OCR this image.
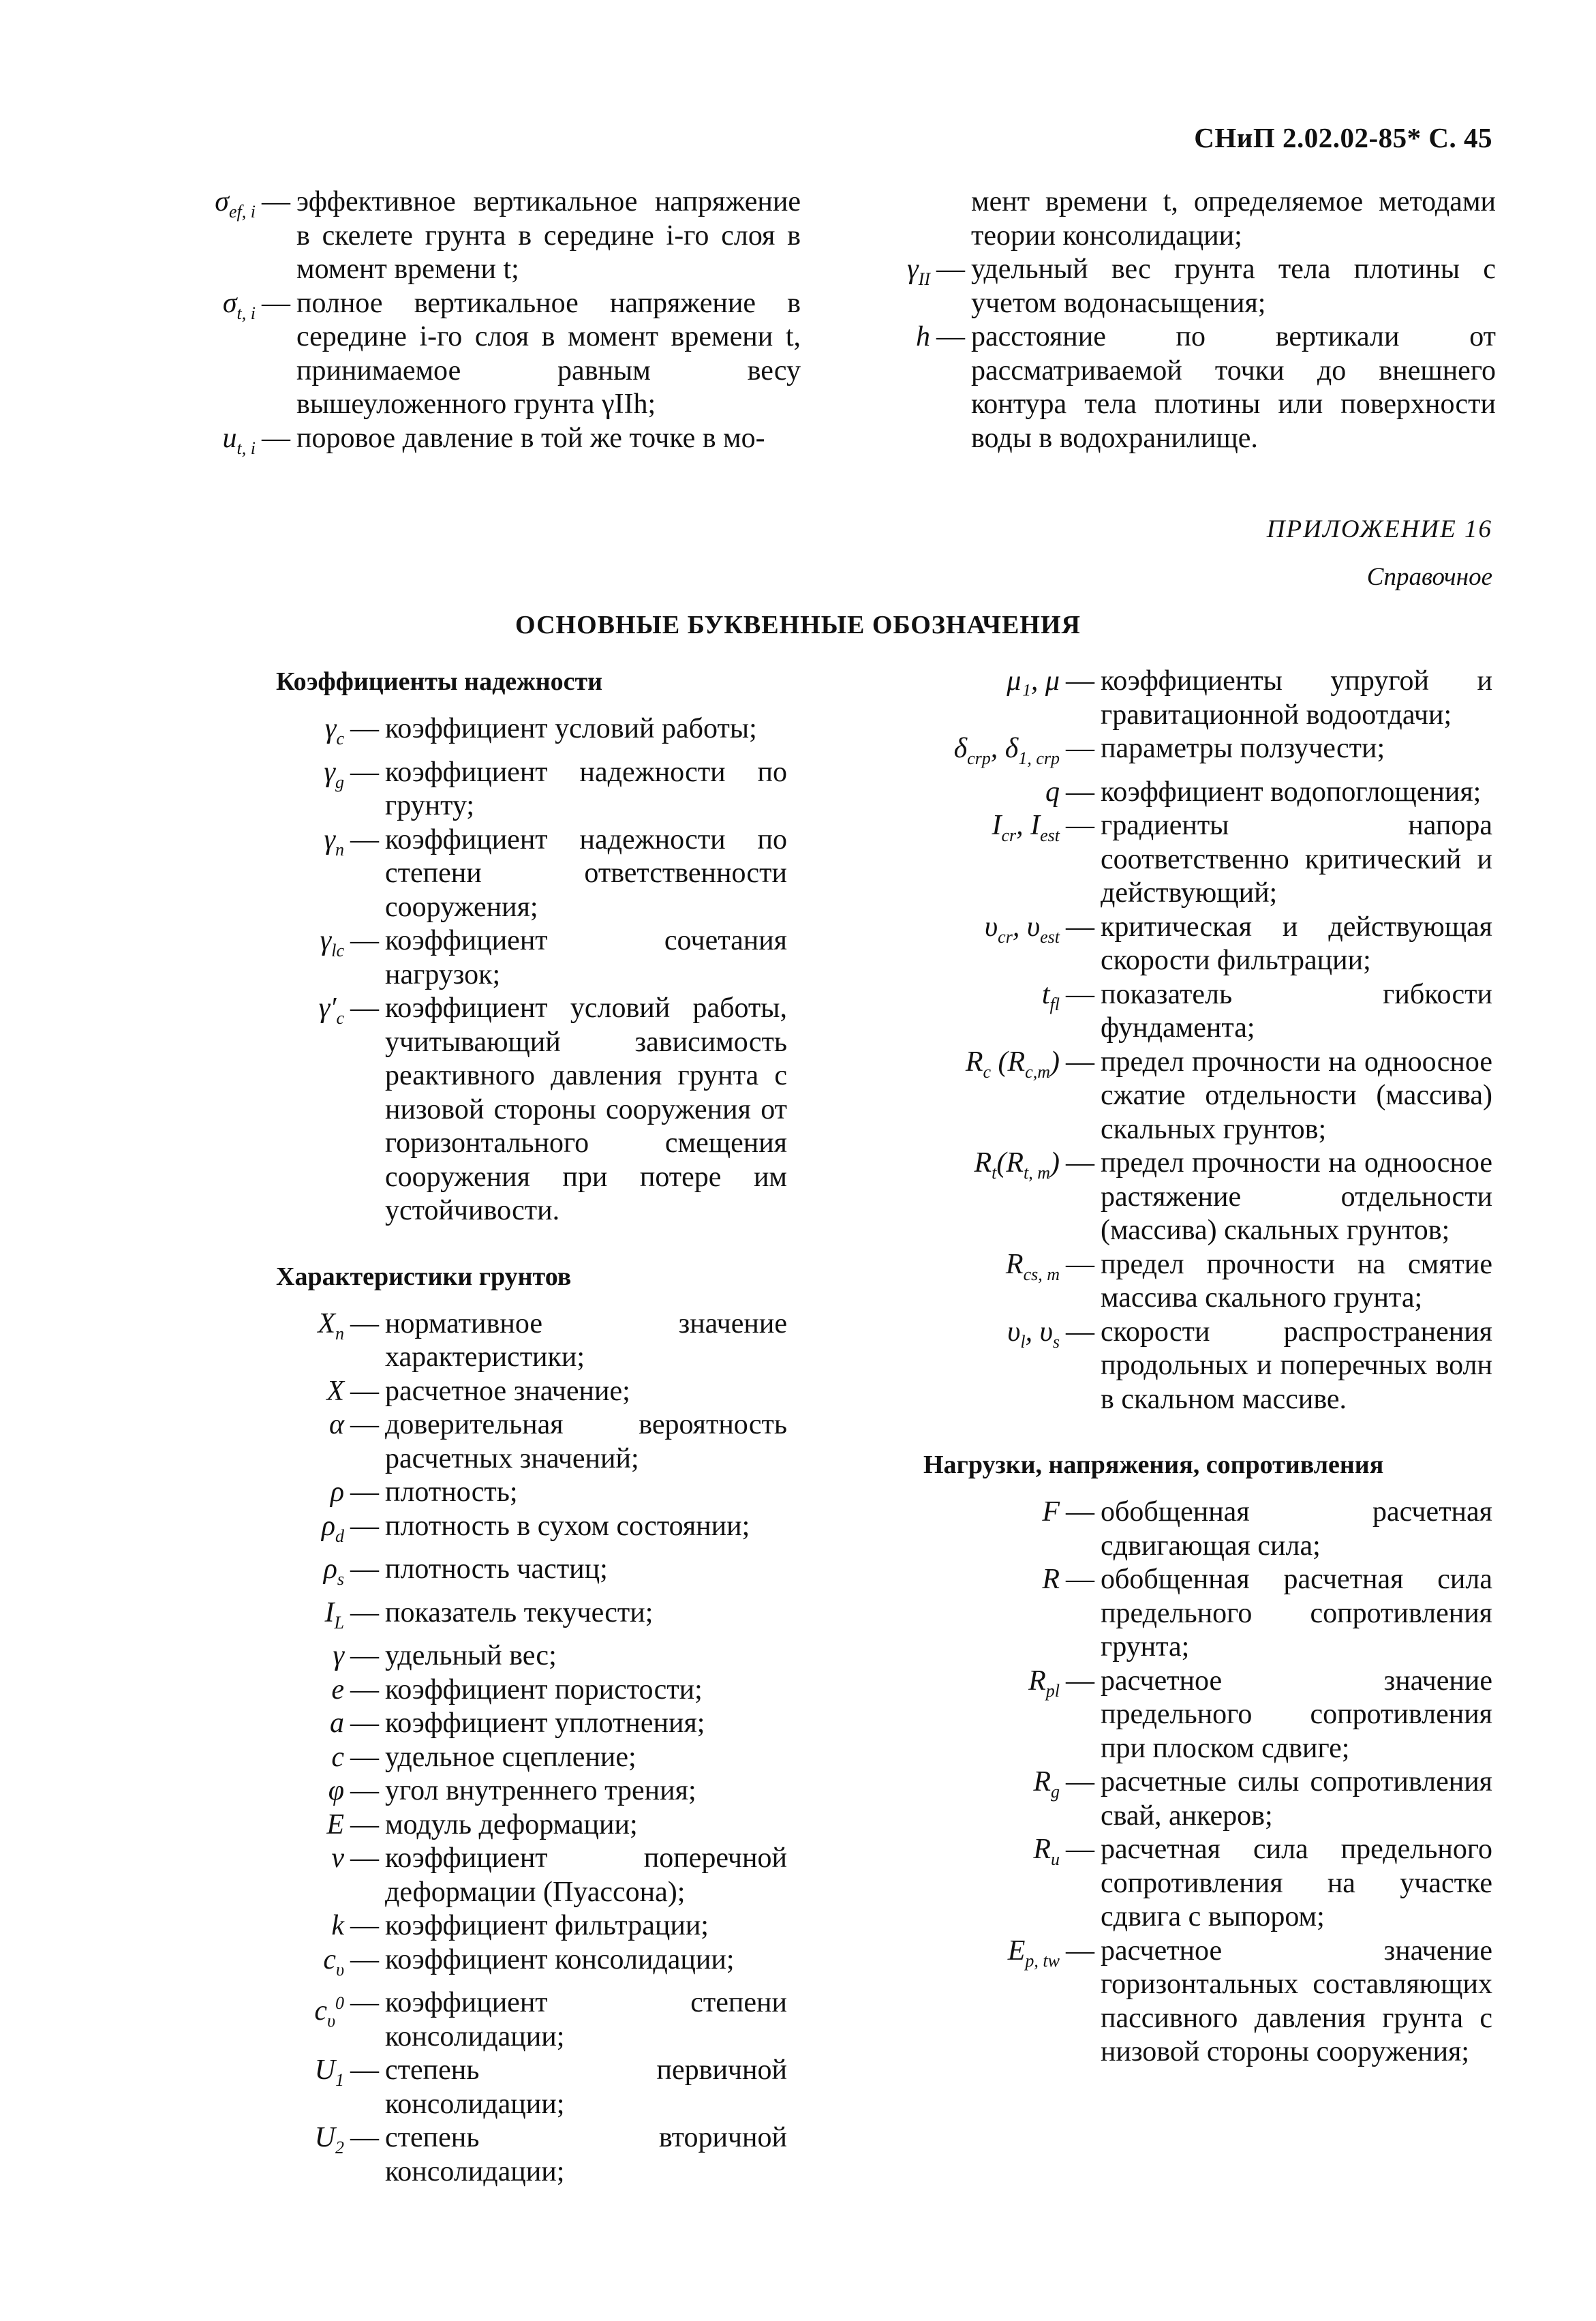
СНиП 2.02.02-85* С. 45
$\sigma_{ef, i}$ — эффективное вертикальное напряжение в скелете грунта в середине i-го слоя в момент времени t;
$\sigma_{t, i}$ — полное вертикальное напряжение в середине i-го слоя в момент времени t, принимаемое равным весу вышеуложенного грунта γIIh;
$u_{t, i}$ — поровое давление в той же точке в мо-
мент времени t, определяемое методами теории консолидации;
$\gamma_{II}$ — удельный вес грунта тела плотины с учетом водонасыщения;
h — расстояние по вертикали от рассматриваемой точки до внешнего контура тела плотины или поверхности воды в водохранилище.
ПРИЛОЖЕНИЕ 16
Справочное
ОСНОВНЫЕ БУКВЕННЫЕ ОБОЗНАЧЕНИЯ
Коэффициенты надежности
$\gamma_c$ — коэффициент условий работы;
$\gamma_g$ — коэффициент надежности по грунту;
$\gamma_n$ — коэффициент надежности по степени ответственности сооружения;
$\gamma_{lc}$ — коэффициент сочетания нагрузок;
$\gamma'_c$ — коэффициент условий работы, учитывающий зависимость реактивного давления грунта с низовой стороны сооружения от горизонтального смещения сооружения при потере им устойчивости.
Характеристики грунтов
$X_n$ — нормативное значение характеристики;
X — расчетное значение;
α — доверительная вероятность расчетных значений;
ρ — плотность;
$\rho_d$ — плотность в сухом состоянии;
$\rho_s$ — плотность частиц;
$I_L$ — показатель текучести;
γ — удельный вес;
e — коэффициент пористости;
a — коэффициент уплотнения;
c — удельное сцепление;
φ — угол внутреннего трения;
E — модуль деформации;
ν — коэффициент поперечной деформации (Пуассона);
k — коэффициент фильтрации;
$c_\upsilon$ — коэффициент консолидации;
$c_\upsilon^0$ — коэффициент степени консолидации;
$U_1$ — степень первичной консолидации;
$U_2$ — степень вторичной консолидации;
μ₁, μ — коэффициенты упругой и гравитационной водоотдачи;
$\delta_{crp}$, $\delta_{1, crp}$ — параметры ползучести;
q — коэффициент водопоглощения;
$I_{cr}$, $I_{est}$ — градиенты напора соответственно критический и действующий;
$\upsilon_{cr}$, $\upsilon_{est}$ — критическая и действующая скорости фильтрации;
$t_{fl}$ — показатель гибкости фундамента;
$R_c$ $(R_{c,m})$ — предел прочности на одноосное сжатие отдельности (массива) скальных грунтов;
$R_t(R_{t, m})$ — предел прочности на одноосное растяжение отдельности (массива) скальных грунтов;
$R_{cs, m}$ — предел прочности на смятие массива скального грунта;
$\upsilon_l$, $\upsilon_s$ — скорости распространения продольных и поперечных волн в скальном массиве.
Нагрузки, напряжения, сопротивления
F — обобщенная расчетная сдвигающая сила;
R — обобщенная расчетная сила предельного сопротивления грунта;
$R_{pl}$ — расчетное значение предельного сопротивления при плоском сдвиге;
$R_g$ — расчетные силы сопротивления свай, анкеров;
$R_u$ — расчетная сила предельного сопротивления на участке сдвига с выпором;
$E_{p, tw}$ — расчетное значение горизонтальных составляющих пассивного давления грунта с низовой стороны сооружения;
